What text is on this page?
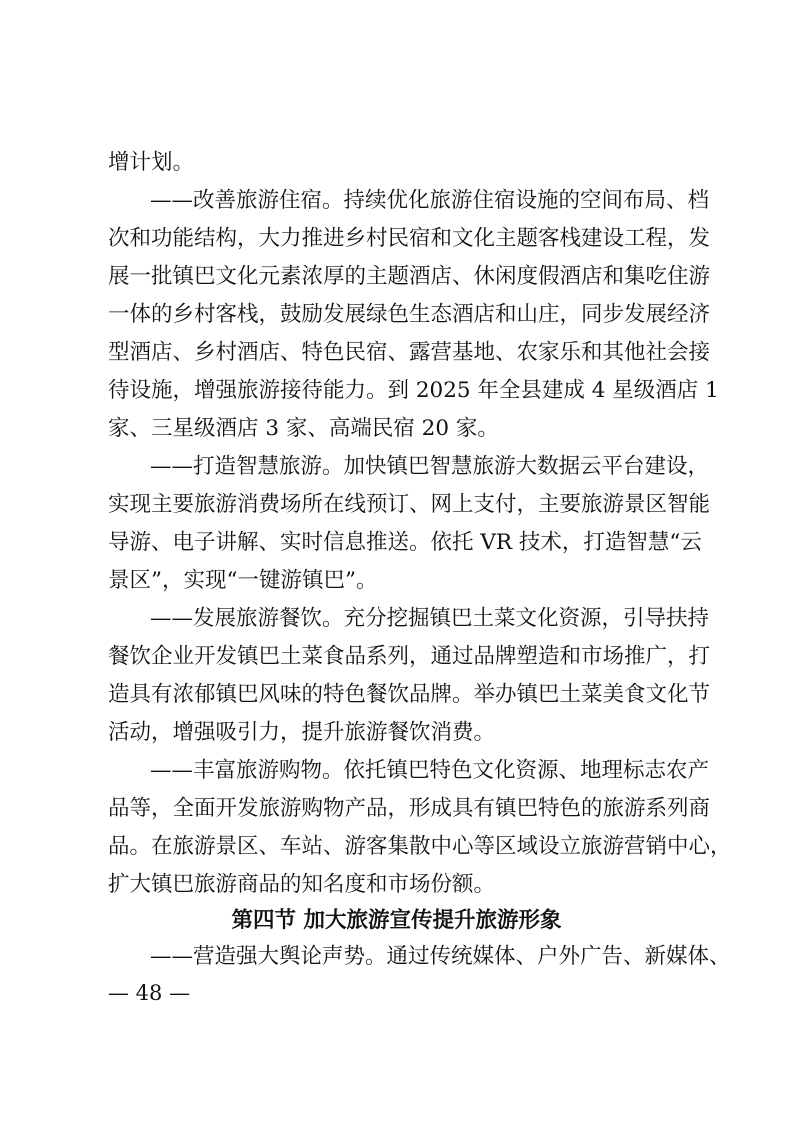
增计划。
——改善旅游住宿。持续优化旅游住宿设施的空间布局、档
次和功能结构，大力推进乡村民宿和文化主题客栈建设工程，发
展一批镇巴文化元素浓厚的主题酒店、休闲度假酒店和集吃住游
一体的乡村客栈，鼓励发展绿色生态酒店和山庄，同步发展经济
型酒店、乡村酒店、特色民宿、露营基地、农家乐和其他社会接
待设施，增强旅游接待能力。到 2025 年全县建成 4 星级酒店 1
家、三星级酒店 3 家、高端民宿 20 家。
——打造智慧旅游。加快镇巴智慧旅游大数据云平台建设，
实现主要旅游消费场所在线预订、网上支付，主要旅游景区智能
导游、电子讲解、实时信息推送。依托 VR 技术，打造智慧“云
景区”，实现“一键游镇巴”。
——发展旅游餐饮。充分挖掘镇巴土菜文化资源，引导扶持
餐饮企业开发镇巴土菜食品系列，通过品牌塑造和市场推广，打
造具有浓郁镇巴风味的特色餐饮品牌。举办镇巴土菜美食文化节
活动，增强吸引力，提升旅游餐饮消费。
——丰富旅游购物。依托镇巴特色文化资源、地理标志农产
品等，全面开发旅游购物产品，形成具有镇巴特色的旅游系列商
品。在旅游景区、车站、游客集散中心等区域设立旅游营销中心，
扩大镇巴旅游商品的知名度和市场份额。
第四节 加大旅游宣传提升旅游形象
——营造强大舆论声势。通过传统媒体、户外广告、新媒体、
— 48 —
